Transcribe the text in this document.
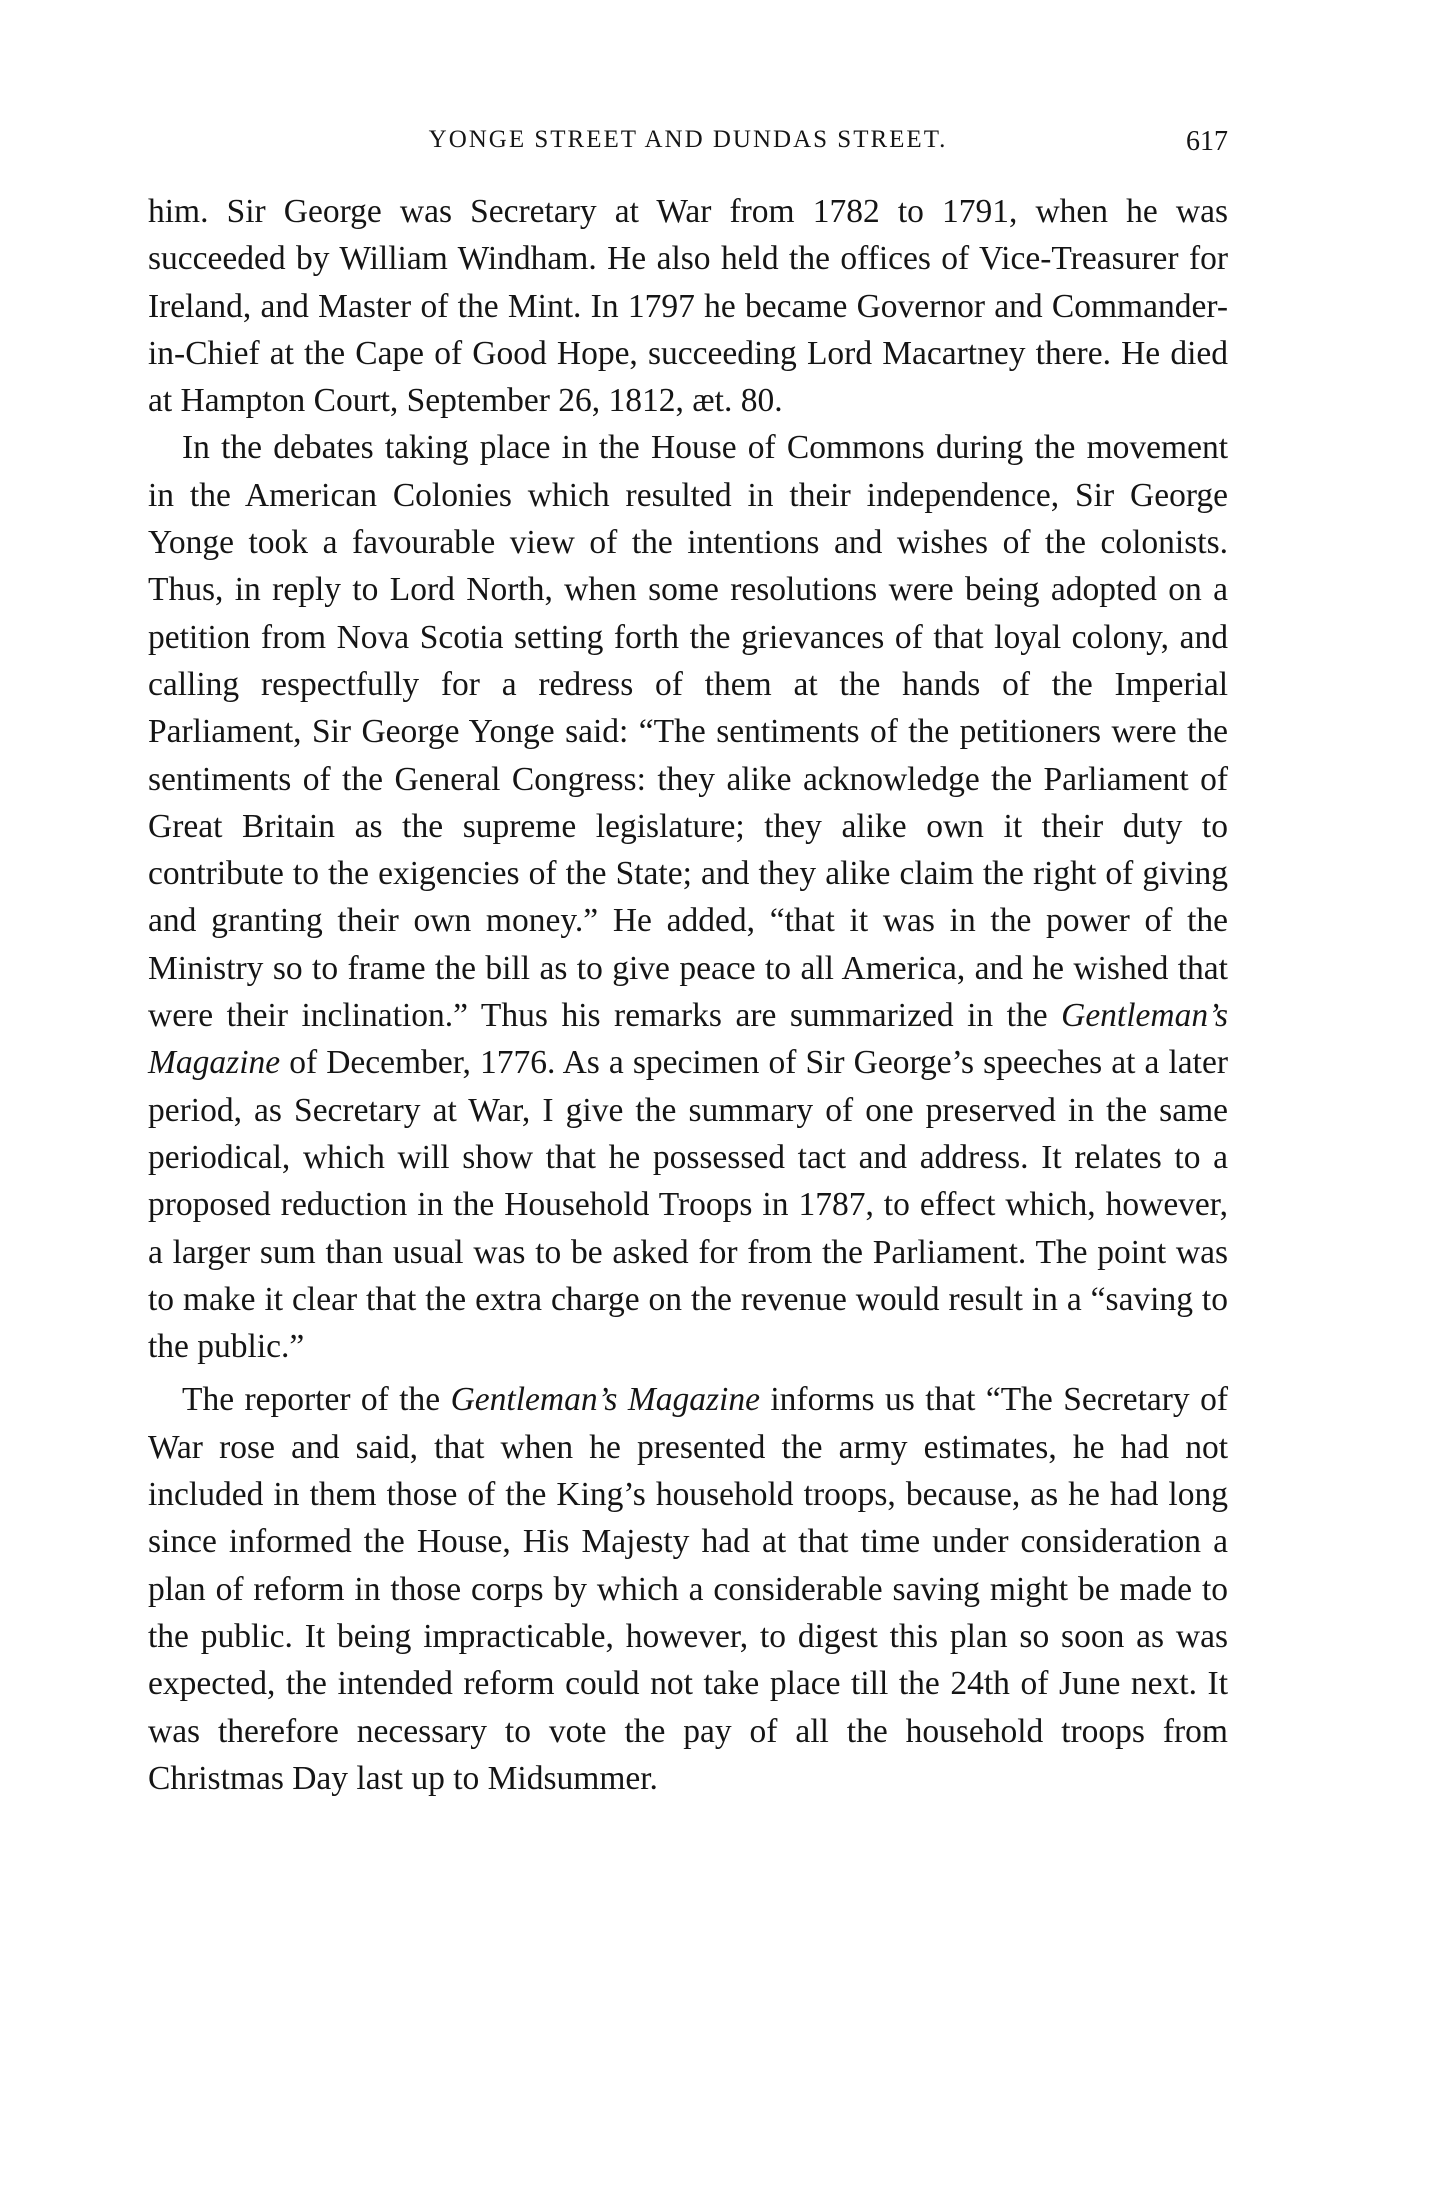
YONGE STREET AND DUNDAS STREET.	617

him. Sir George was Secretary at War from 1782 to 1791, when he was succeeded by William Windham. He also held the offices of Vice-Treasurer for Ireland, and Master of the Mint. In 1797 he became Governor and Commander-in-Chief at the Cape of Good Hope, succeeding Lord Macartney there. He died at Hampton Court, September 26, 1812, æt. 80.

In the debates taking place in the House of Commons during the movement in the American Colonies which resulted in their independence, Sir George Yonge took a favourable view of the intentions and wishes of the colonists. Thus, in reply to Lord North, when some resolutions were being adopted on a petition from Nova Scotia setting forth the grievances of that loyal colony, and calling respectfully for a redress of them at the hands of the Imperial Parliament, Sir George Yonge said: “The sentiments of the petitioners were the sentiments of the General Congress: they alike acknowledge the Parliament of Great Britain as the supreme legislature; they alike own it their duty to contribute to the exigencies of the State; and they alike claim the right of giving and granting their own money.” He added, “that it was in the power of the Ministry so to frame the bill as to give peace to all America, and he wished that were their inclination.” Thus his remarks are summarized in the Gentleman’s Magazine of December, 1776. As a specimen of Sir George’s speeches at a later period, as Secretary at War, I give the summary of one preserved in the same periodical, which will show that he possessed tact and address. It relates to a proposed reduction in the Household Troops in 1787, to effect which, however, a larger sum than usual was to be asked for from the Parliament. The point was to make it clear that the extra charge on the revenue would result in a “saving to the public.”

The reporter of the Gentleman’s Magazine informs us that “The Secretary of War rose and said, that when he presented the army estimates, he had not included in them those of the King’s household troops, because, as he had long since informed the House, His Majesty had at that time under consideration a plan of reform in those corps by which a considerable saving might be made to the public. It being impracticable, however, to digest this plan so soon as was expected, the intended reform could not take place till the 24th of June next. It was therefore necessary to vote the pay of all the household troops from Christmas Day last up to Midsummer.
